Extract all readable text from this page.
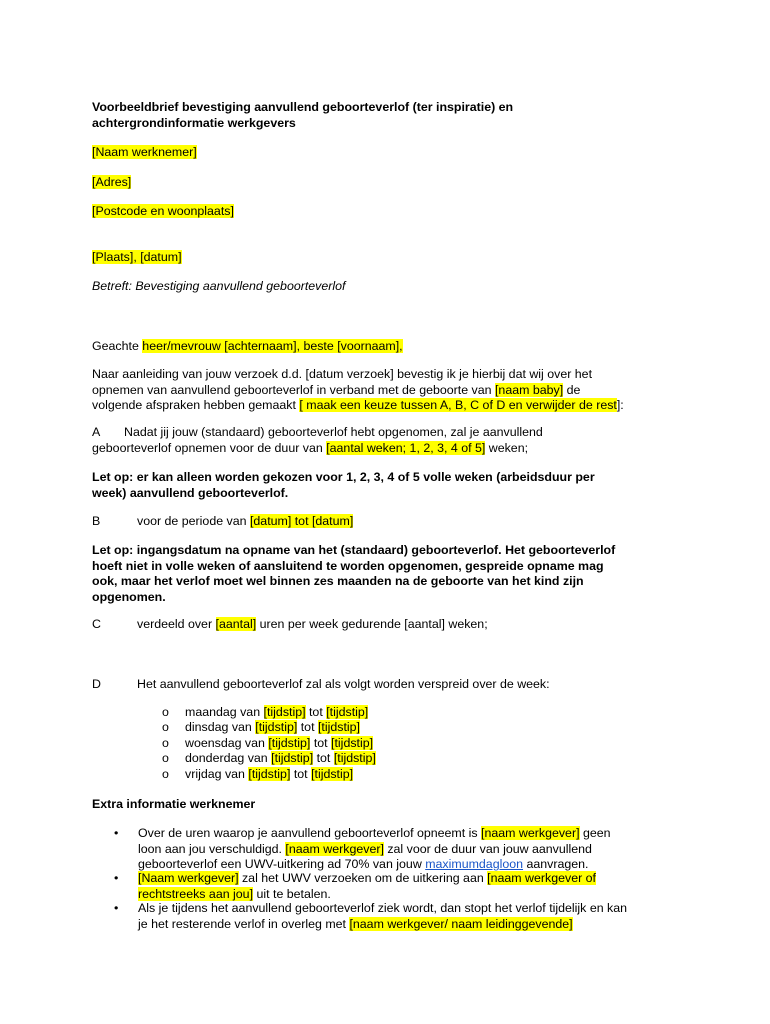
Voorbeeldbrief bevestiging aanvullend geboorteverlof (ter inspiratie) en
achtergrondinformatie werkgevers
[Naam werknemer]
[Adres]
[Postcode en woonplaats]
[Plaats], [datum]
Betreft: Bevestiging aanvullend geboorteverlof
Geachte heer/mevrouw [achternaam], beste [voornaam],
Naar aanleiding van jouw verzoek d.d. [datum verzoek] bevestig ik je hierbij dat wij over het
opnemen van aanvullend geboorteverlof in verband met de geboorte van [naam baby] de
volgende afspraken hebben gemaakt [ maak een keuze tussen A, B, C of D en verwijder de rest]:
A	Nadat jij jouw (standaard) geboorteverlof hebt opgenomen, zal je aanvullend
geboorteverlof opnemen voor de duur van [aantal weken; 1, 2, 3, 4 of 5] weken;
Let op: er kan alleen worden gekozen voor 1, 2, 3, 4 of 5 volle weken (arbeidsduur per
week) aanvullend geboorteverlof.
B	voor de periode van [datum] tot [datum]
Let op: ingangsdatum na opname van het (standaard) geboorteverlof. Het geboorteverlof
hoeft niet in volle weken of aansluitend te worden opgenomen, gespreide opname mag
ook, maar het verlof moet wel binnen zes maanden na de geboorte van het kind zijn
opgenomen.
C	verdeeld over [aantal] uren per week gedurende [aantal] weken;
D	Het aanvullend geboorteverlof zal als volgt worden verspreid over de week:
o maandag van [tijdstip] tot [tijdstip]
o dinsdag van [tijdstip] tot [tijdstip]
o woensdag van [tijdstip] tot [tijdstip]
o donderdag van [tijdstip] tot [tijdstip]
o vrijdag van [tijdstip] tot [tijdstip]
Extra informatie werknemer
• Over de uren waarop je aanvullend geboorteverlof opneemt is [naam werkgever] geen
loon aan jou verschuldigd. [naam werkgever] zal voor de duur van jouw aanvullend
geboorteverlof een UWV-uitkering ad 70% van jouw maximumdagloon aanvragen.
• [Naam werkgever] zal het UWV verzoeken om de uitkering aan [naam werkgever of
rechtstreeks aan jou] uit te betalen.
• Als je tijdens het aanvullend geboorteverlof ziek wordt, dan stopt het verlof tijdelijk en kan
je het resterende verlof in overleg met [naam werkgever/ naam leidinggevende]
